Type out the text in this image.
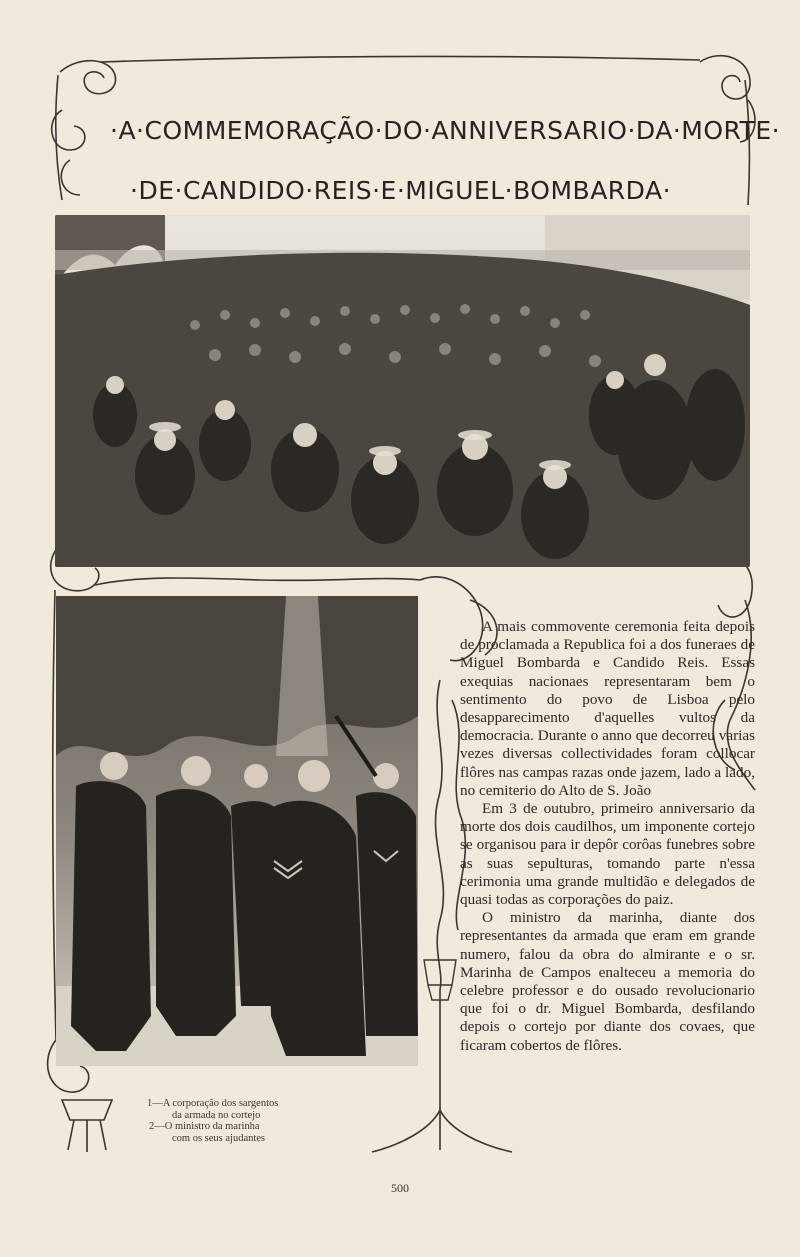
·A·COMMEMORAÇÃO·DO·ANNIVERSARIO·DA·MORTE·
·DE·CANDIDO·REIS·E·MIGUEL·BOMBARDA·

A mais commovente ceremonia feita depois de proclamada a Republica foi a dos funeraes de Miguel Bombarda e Candido Reis. Essas exequias nacionaes representaram bem o sentimento do povo de Lisboa pelo desapparecimento d'aquelles vultos da democracia. Durante o anno que decorreu varias vezes diversas collectividades foram collocar flôres nas campas razas onde jazem, lado a lado, no cemiterio do Alto de S. João

Em 3 de outubro, primeiro anniversario da morte dos dois caudilhos, um imponente cortejo se organisou para ir depôr corôas funebres sobre as suas sepulturas, tomando parte n'essa cerimonia uma grande multidão e delegados de quasi todas as corporações do paiz.

O ministro da marinha, diante dos representantes da armada que eram em grande numero, falou da obra do almirante e o sr. Marinha de Campos enalteceu a memoria do celebre professor e do ousado revolucionario que foi o dr. Miguel Bombarda, desfilando depois o cortejo por diante dos covaes, que ficaram cobertos de flôres.

1—A corporação dos sargentos
da armada no cortejo
2—O ministro da marinha
com os seus ajudantes
500
